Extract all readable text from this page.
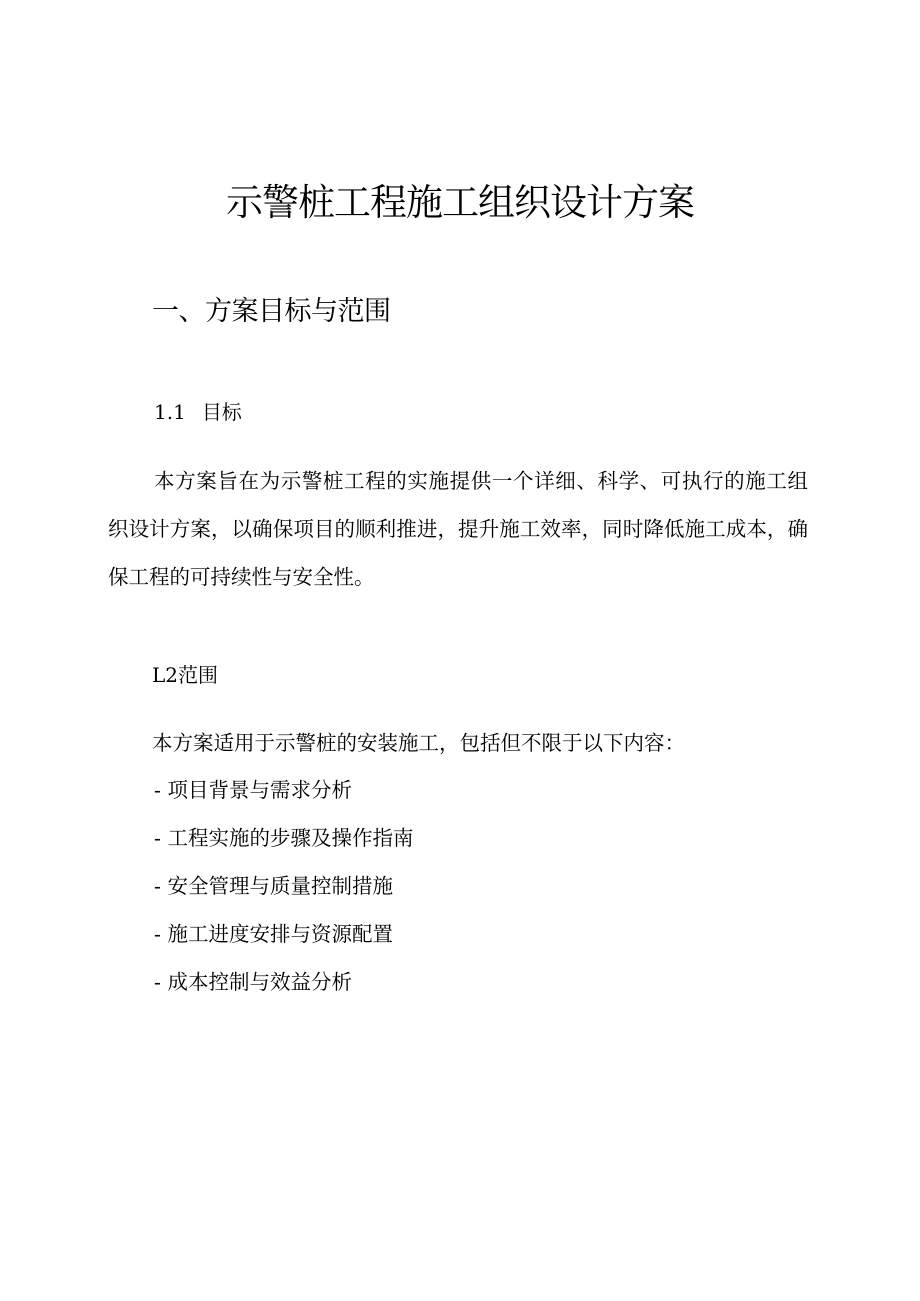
示警桩工程施工组织设计方案
一、方案目标与范围
1.1 目标

本方案旨在为示警桩工程的实施提供一个详细、科学、可执行的施工组织设计方案，以确保项目的顺利推进，提升施工效率，同时降低施工成本，确保工程的可持续性与安全性。

L2范围

本方案适用于示警桩的安装施工，包括但不限于以下内容：

- 项目背景与需求分析
- 工程实施的步骤及操作指南
- 安全管理与质量控制措施
- 施工进度安排与资源配置
- 成本控制与效益分析
